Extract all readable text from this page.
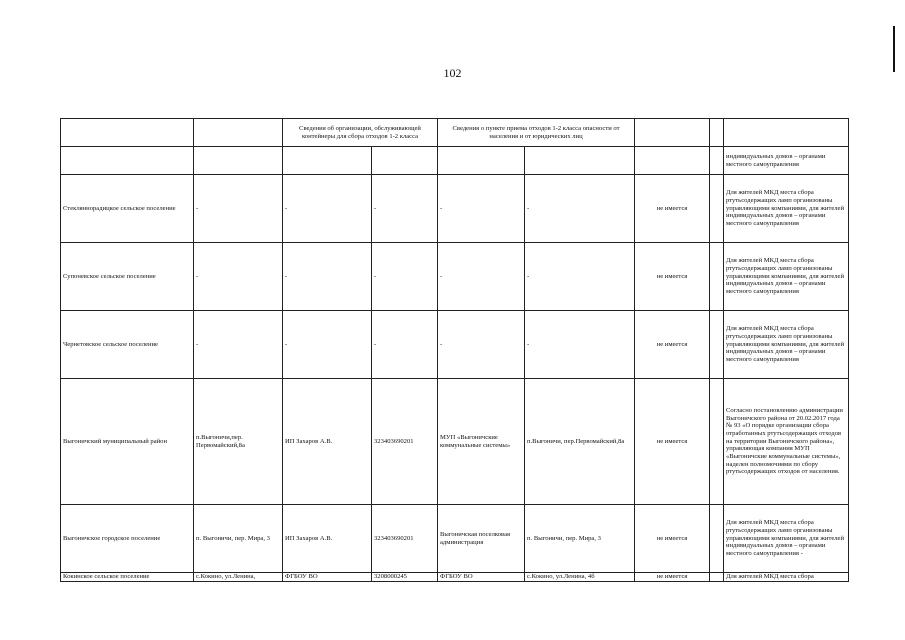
102
		Сведения об организации, обслуживающей контейнеры для сбора отходов 1-2 класса		Сведения о пункте приема отходов 1-2 класса опасности от населения и от юридических лиц				
								индивидуальных домов – органами местного самоуправления
Стекляннорадицкое сельское поселение	-	-	-	-	-	не имеется		Для жителей МКД места сбора ртутьсодержащих ламп организованы управляющими компаниями, для жителей индивидуальных домов – органами местного самоуправления
Супоневское сельское поселение	-	-	-	-	-	не имеется		Для жителей МКД места сбора ртутьсодержащих ламп организованы управляющими компаниями, для жителей индивидуальных домов – органами местного самоуправления
Чернетовское сельское поселение	-	-	-	-	-	не имеется		Для жителей МКД места сбора ртутьсодержащих ламп организованы управляющими компаниями, для жителей индивидуальных домов – органами местного самоуправления
Выгоничский муниципальный район	п.Выгоничи,пер. Первомайский,8а	ИП Захаров А.В.	323403690201	МУП «Выгоничские коммунальные системы»	п.Выгоничи, пер.Первомайский,8а	не имеется		Согласно постановлению администрации Выгоничского района от 20.02.2017 года № 93 «О порядке организации сбора отработанных ртутьсодержащих отходов на территории Выгоничского района», управляющая компания МУП «Выгоничские коммунальные системы», наделен полномочиями по сбору ртутьсодержащих отходов от населения.
Выгоничское городское поселение	п. Выгоничи, пер. Мира, 3	ИП Захаров А.В.	323403690201	Выгоничская поселковая администрация	п. Выгоничи, пер. Мира, 3	не имеется		Для жителей МКД места сбора ртутьсодержащих ламп организованы управляющими компаниями, для жителей индивидуальных домов – органами местного самоуправления -
Кокинское сельское поселение	с.Кокино, ул.Ленина,	ФГБОУ ВО	3208000245	ФГБОУ ВО	с.Кокино, ул.Ленина, 4б	не имеется		Для жителей МКД места сбора
